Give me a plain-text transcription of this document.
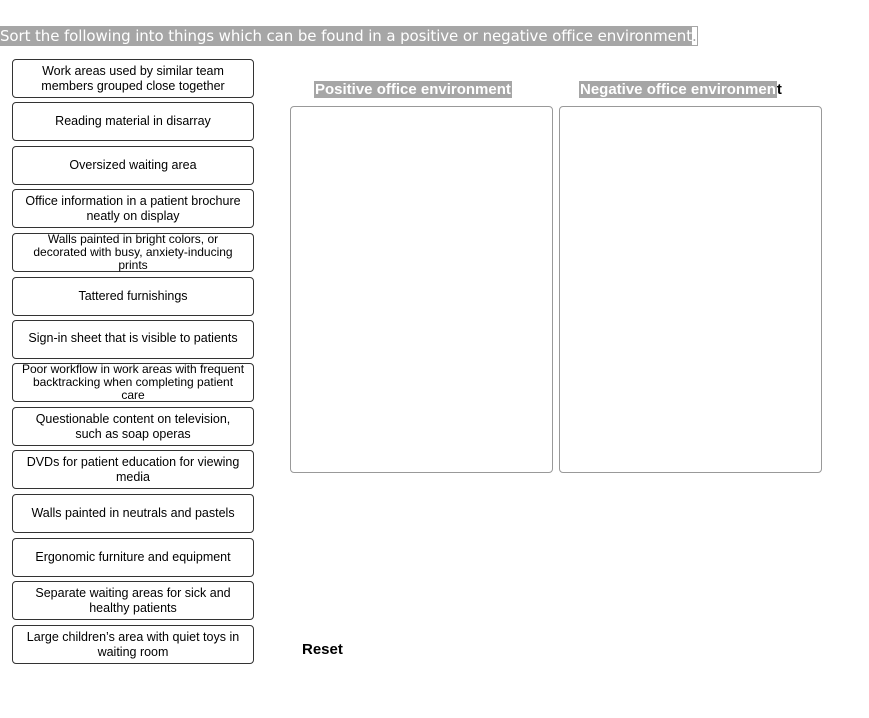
Sort the following into things which can be found in a positive or negative office environment.
Work areas used by similar team members grouped close together
Reading material in disarray
Oversized waiting area
Office information in a patient brochure neatly on display
Walls painted in bright colors, or decorated with busy, anxiety-inducing prints
Tattered furnishings
Sign-in sheet that is visible to patients
Poor workflow in work areas with frequent backtracking when completing patient care
Questionable content on television, such as soap operas
DVDs for patient education for viewing media
Walls painted in neutrals and pastels
Ergonomic furniture and equipment
Separate waiting areas for sick and healthy patients
Large children’s area with quiet toys in waiting room
Positive office environment	Negative office environment
Reset
